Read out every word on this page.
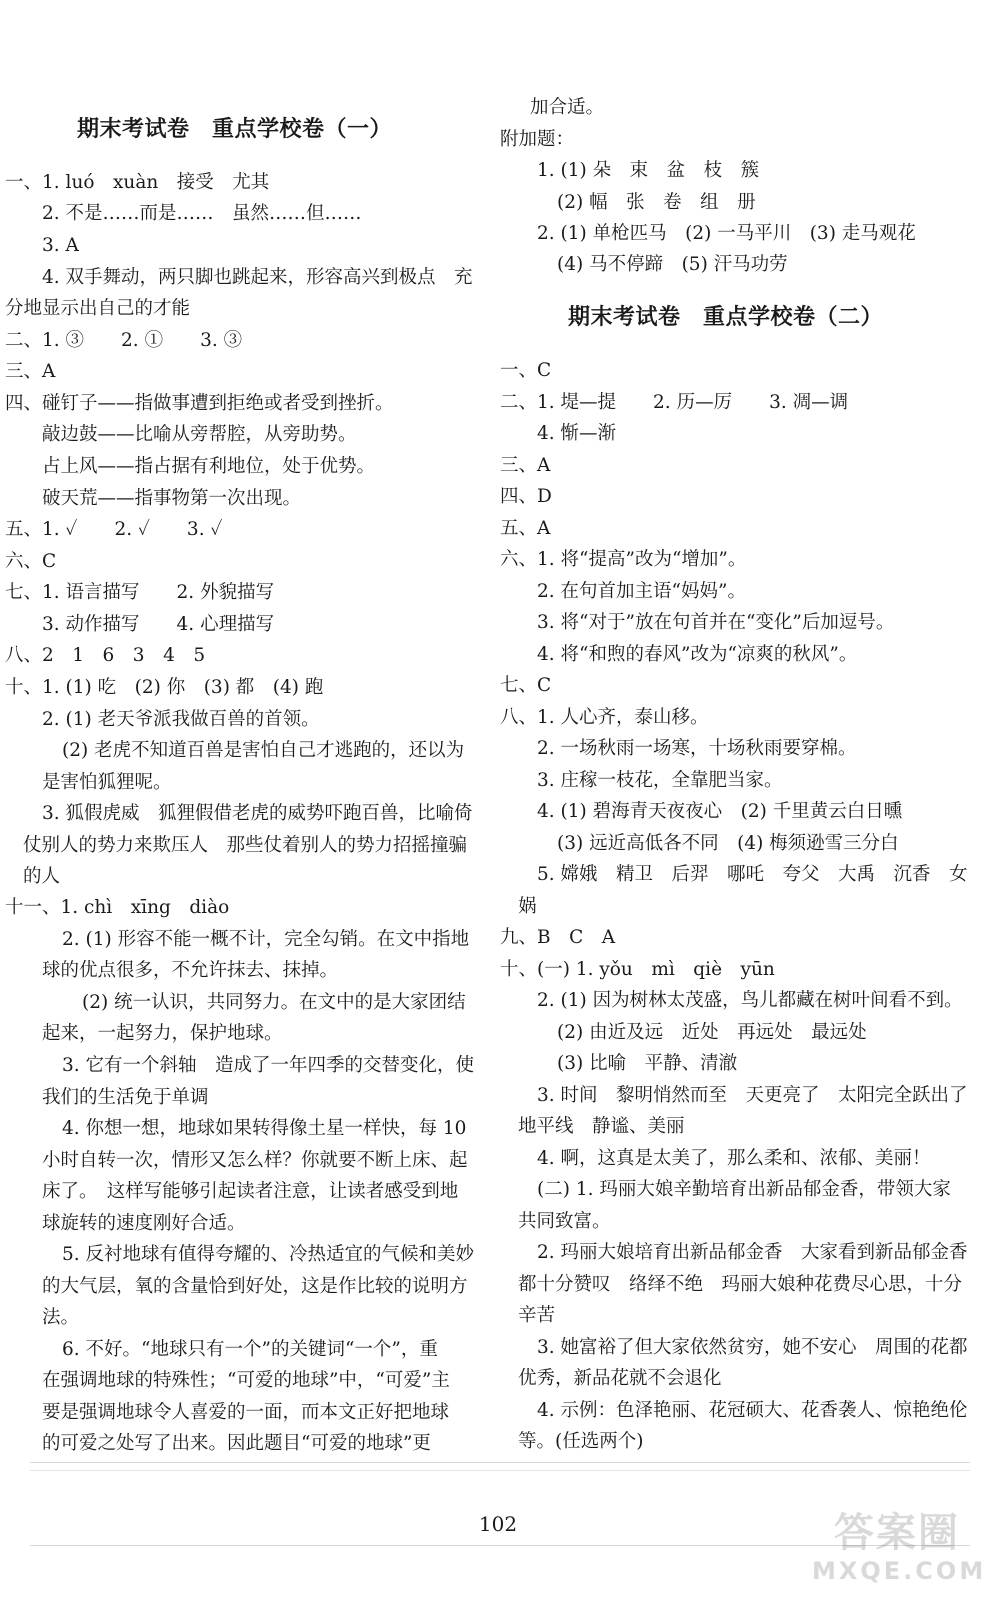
期末考试卷　重点学校卷（一）
一、1. luó　xuàn　接受　尤其
2. 不是……而是……　虽然……但……
3. A
4. 双手舞动，两只脚也跳起来，形容高兴到极点　充
分地显示出自己的才能
二、1. ③　　2. ①　　3. ③
三、A
四、碰钉子——指做事遭到拒绝或者受到挫折。
敲边鼓——比喻从旁帮腔，从旁助势。
占上风——指占据有利地位，处于优势。
破天荒——指事物第一次出现。
五、1. ✓　　2. ✓　　3. ✓
六、C
七、1. 语言描写　　2. 外貌描写
3. 动作描写　　4. 心理描写
八、2　1　6　3　4　5
十、1. (1) 吃　(2) 你　(3) 都　(4) 跑
2. (1) 老天爷派我做百兽的首领。
(2) 老虎不知道百兽是害怕自己才逃跑的，还以为
是害怕狐狸呢。
3. 狐假虎威　狐狸假借老虎的威势吓跑百兽，比喻倚
仗别人的势力来欺压人　那些仗着别人的势力招摇撞骗
的人
十一、1. chì　xīng　diào
2. (1) 形容不能一概不计，完全勾销。在文中指地
球的优点很多，不允许抹去、抹掉。
(2) 统一认识，共同努力。在文中的是大家团结
起来，一起努力，保护地球。
3. 它有一个斜轴　造成了一年四季的交替变化，使
我们的生活免于单调
4. 你想一想，地球如果转得像土星一样快，每 10
小时自转一次，情形又怎么样？你就要不断上床、起
床了。　这样写能够引起读者注意，让读者感受到地
球旋转的速度刚好合适。
5. 反衬地球有值得夸耀的、冷热适宜的气候和美妙
的大气层，氧的含量恰到好处，这是作比较的说明方
法。
6. 不好。“地球只有一个”的关键词“一个”，重
在强调地球的特殊性；“可爱的地球”中，“可爱”主
要是强调地球令人喜爱的一面，而本文正好把地球
的可爱之处写了出来。因此题目“可爱的地球”更
加合适。
附加题：
1. (1) 朵　束　盆　枝　簇
(2) 幅　张　卷　组　册
2. (1) 单枪匹马　(2) 一马平川　(3) 走马观花
(4) 马不停蹄　(5) 汗马功劳
期末考试卷　重点学校卷（二）
一、C
二、1. 堤—提　　2. 历—厉　　3. 凋—调
4. 惭—渐
三、A
四、D
五、A
六、1. 将“提高”改为“增加”。
2. 在句首加主语“妈妈”。
3. 将“对于”放在句首并在“变化”后加逗号。
4. 将“和煦的春风”改为“凉爽的秋风”。
七、C
八、1. 人心齐，泰山移。
2. 一场秋雨一场寒，十场秋雨要穿棉。
3. 庄稼一枝花，全靠肥当家。
4. (1) 碧海青天夜夜心　(2) 千里黄云白日曛
(3) 远近高低各不同　(4) 梅须逊雪三分白
5. 嫦娥　精卫　后羿　哪吒　夸父　大禹　沉香　女
娲
九、B　C　A
十、(一) 1. yǒu　mì　qiè　yūn
2. (1) 因为树林太茂盛，鸟儿都藏在树叶间看不到。
(2) 由近及远　近处　再远处　最远处
(3) 比喻　平静、清澈
3. 时间　黎明悄然而至　天更亮了　太阳完全跃出了
地平线　静谧、美丽
4. 啊，这真是太美了，那么柔和、浓郁、美丽！
(二) 1. 玛丽大娘辛勤培育出新品郁金香，带领大家
共同致富。
2. 玛丽大娘培育出新品郁金香　大家看到新品郁金香
都十分赞叹　络绎不绝　玛丽大娘种花费尽心思，十分
辛苦
3. 她富裕了但大家依然贫穷，她不安心　周围的花都
优秀，新品花就不会退化
4. 示例：色泽艳丽、花冠硕大、花香袭人、惊艳绝伦
等。(任选两个)
102	答案圈
MXQE.COM
